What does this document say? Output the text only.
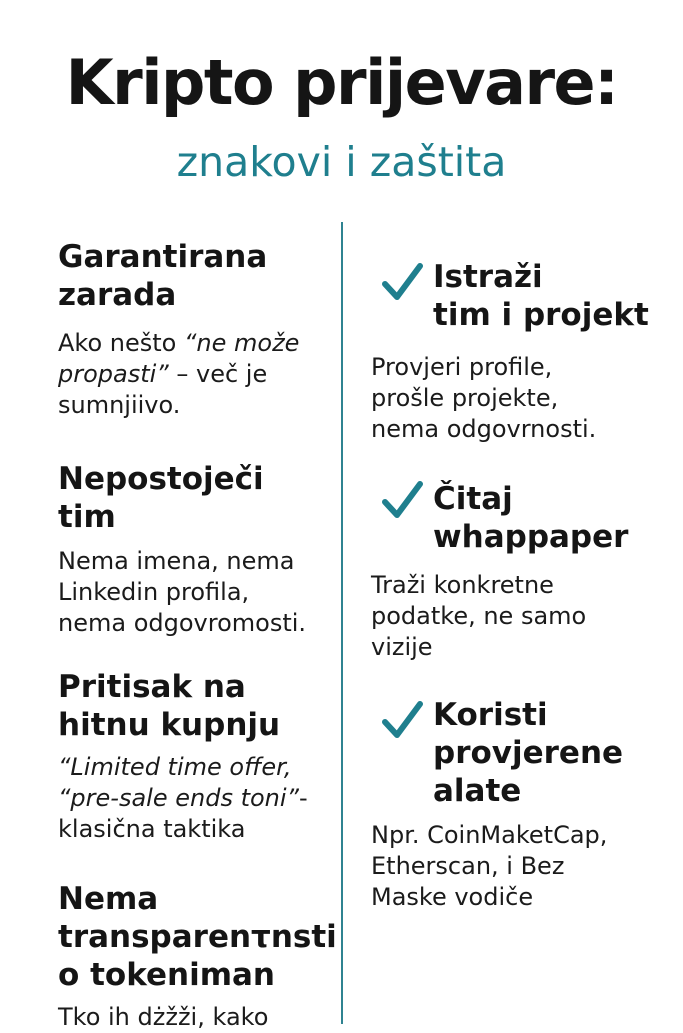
Kripto prijevare:
znakovi i zaštita

Garantirana
zarada

Ako nešto “ne može
propasti” – več je
sumnjiivo.

Nepostoječi
tim

Nema imena, nema
Linkedin profila,
nema odgovromosti.

Pritisak na
hitnu kupnju

“Limited time offer,
“pre-sale ends toni”-
klasična taktika

Nema
transparenτnsti
o tokeniman

Tko ih dżžži, kako

Istraži
tim i projekt

Provjeri profile,
prošle projekte,
nema odgovrnosti.

Čitaj
whappaper

Traži konkretne
podatke, ne samo
vizije

Koristi
provjerene
alate

Npr. CoinMaketCap,
Etherscan, i Bez
Maske vodiče
